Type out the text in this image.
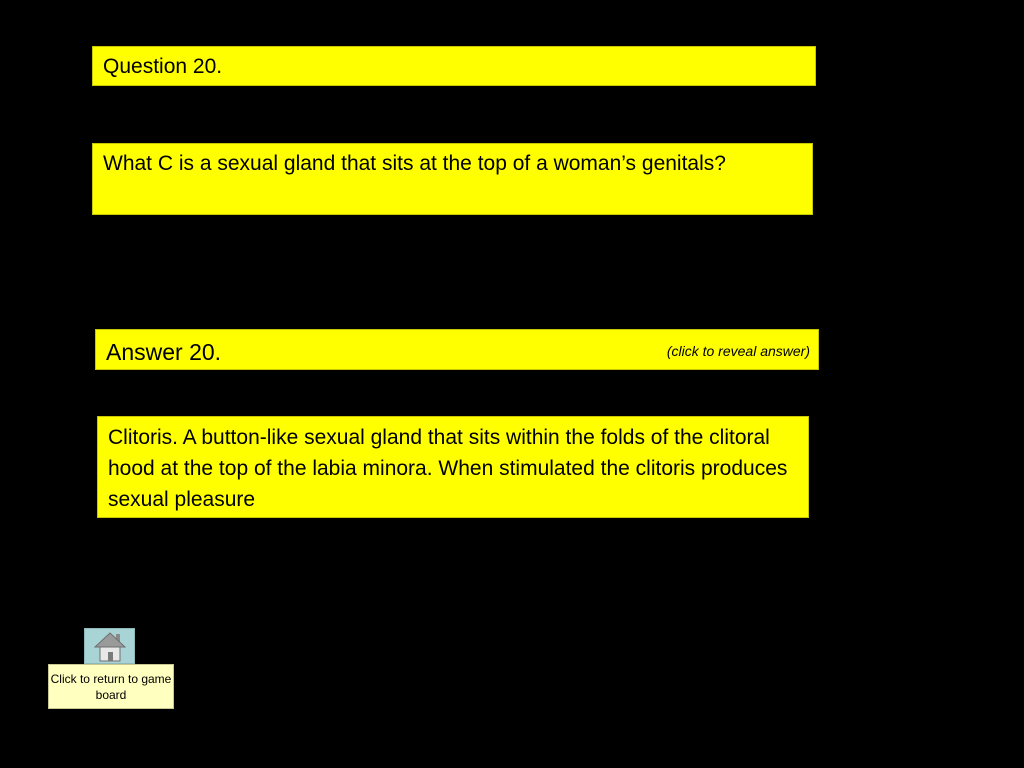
Question 20.
What C is a sexual gland that sits at the top of a woman’s genitals?
Answer 20.	(click to reveal answer)
Clitoris. A button-like sexual gland that sits within the folds of the clitoral hood at the top of the labia minora. When stimulated the clitoris produces sexual pleasure
Click to return to game board
